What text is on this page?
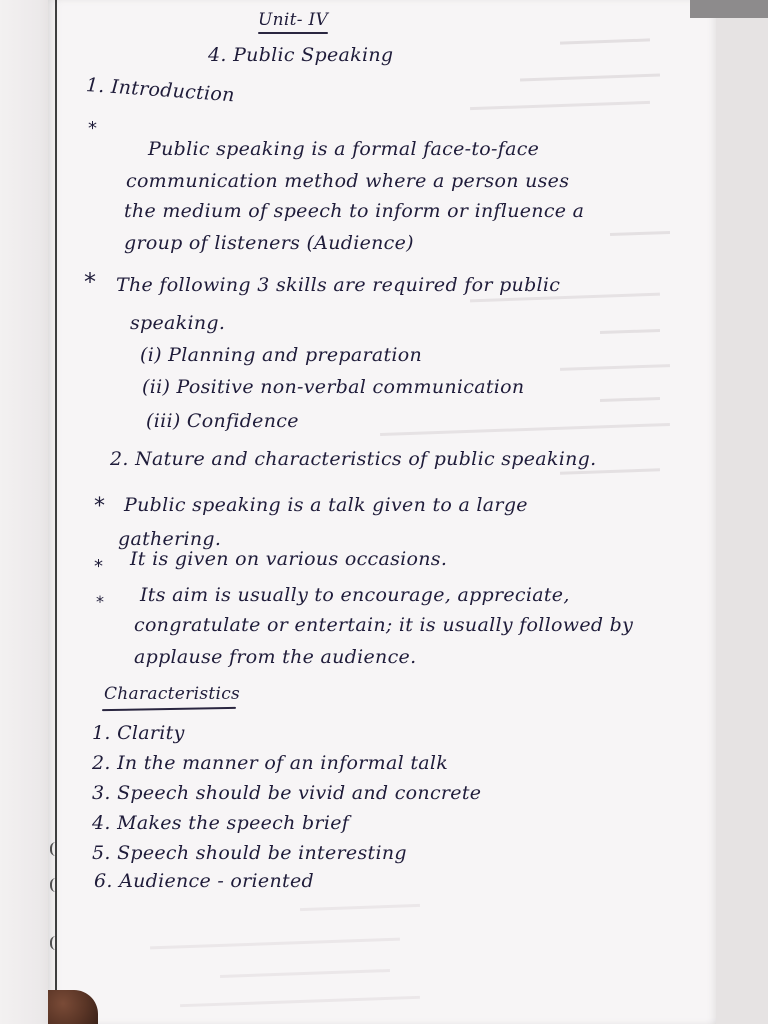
Unit- IV
4. Public Speaking
1. Introduction
*
Public speaking is a formal face-to-face
communication method where a person uses
the medium of speech to inform or influence a
group of listeners (Audience)
* The following 3 skills are required for public
speaking.
(i) Planning and preparation
(ii) Positive non-verbal communication
(iii) Confidence
2. Nature and characteristics of public speaking.
* Public speaking is a talk given to a large
gathering.
* It is given on various occasions.
* Its aim is usually to encourage, appreciate,
congratulate or entertain; it is usually followed by
applause from the audience.
Characteristics
1. Clarity
2. In the manner of an informal talk
3. Speech should be vivid and concrete
4. Makes the speech brief
5. Speech should be interesting
6. Audience - oriented
